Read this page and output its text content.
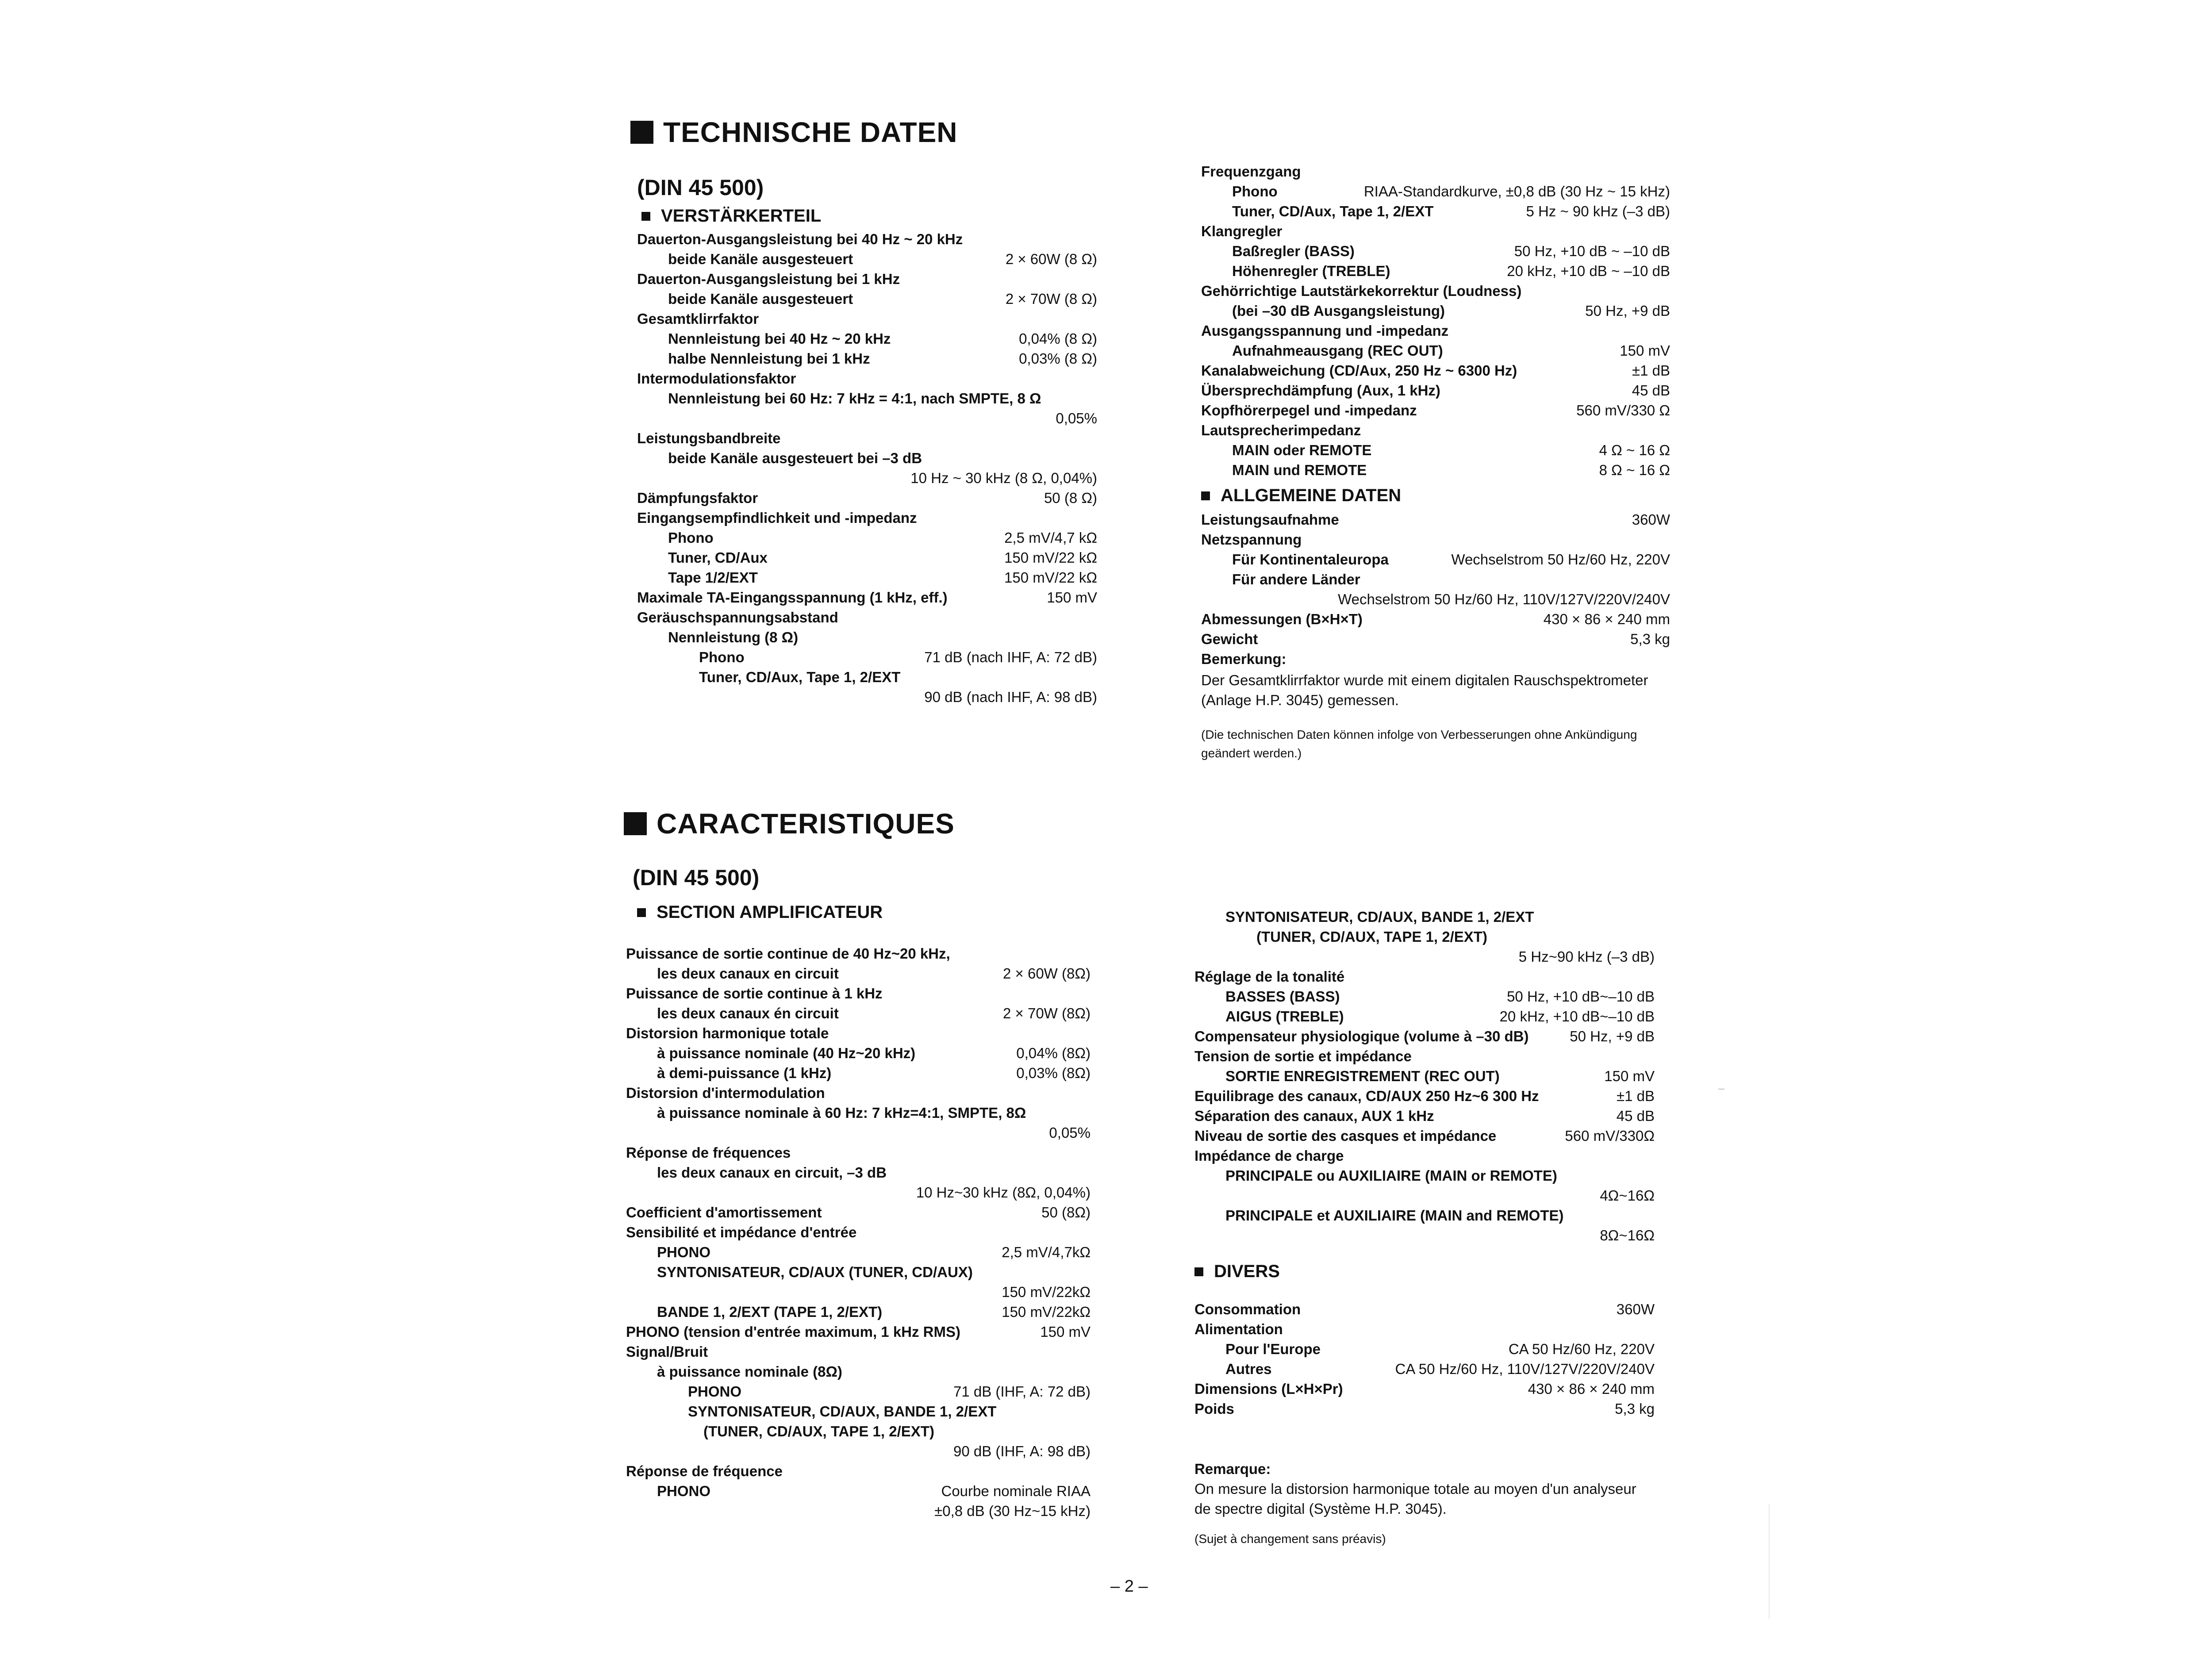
TECHNISCHE DATEN
(DIN 45 500)
VERSTÄRKERTEIL
Dauerton-Ausgangsleistung bei 40 Hz ~ 20 kHz
beide Kanäle ausgesteuert	2 × 60W (8 Ω)
Dauerton-Ausgangsleistung bei 1 kHz
beide Kanäle ausgesteuert	2 × 70W (8 Ω)
Gesamtklirrfaktor
Nennleistung bei 40 Hz ~ 20 kHz	0,04% (8 Ω)
halbe Nennleistung bei 1 kHz	0,03% (8 Ω)
Intermodulationsfaktor
Nennleistung bei 60 Hz: 7 kHz = 4:1, nach SMPTE, 8 Ω
0,05%
Leistungsbandbreite
beide Kanäle ausgesteuert bei –3 dB
10 Hz ~ 30 kHz (8 Ω, 0,04%)
Dämpfungsfaktor	50 (8 Ω)
Eingangsempfindlichkeit und -impedanz
Phono	2,5 mV/4,7 kΩ
Tuner, CD/Aux	150 mV/22 kΩ
Tape 1/2/EXT	150 mV/22 kΩ
Maximale TA-Eingangsspannung (1 kHz, eff.)	150 mV
Geräuschspannungsabstand
Nennleistung (8 Ω)
Phono	71 dB (nach IHF, A: 72 dB)
Tuner, CD/Aux, Tape 1, 2/EXT
90 dB (nach IHF, A: 98 dB)
Frequenzgang
Phono	RIAA-Standardkurve, ±0,8 dB (30 Hz ~ 15 kHz)
Tuner, CD/Aux, Tape 1, 2/EXT	5 Hz ~ 90 kHz (–3 dB)
Klangregler
Baßregler (BASS)	50 Hz, +10 dB ~ –10 dB
Höhenregler (TREBLE)	20 kHz, +10 dB ~ –10 dB
Gehörrichtige Lautstärkekorrektur (Loudness)
(bei –30 dB Ausgangsleistung)	50 Hz, +9 dB
Ausgangsspannung und -impedanz
Aufnahmeausgang (REC OUT)	150 mV
Kanalabweichung (CD/Aux, 250 Hz ~ 6300 Hz)	±1 dB
Übersprechdämpfung (Aux, 1 kHz)	45 dB
Kopfhörerpegel und -impedanz	560 mV/330 Ω
Lautsprecherimpedanz
MAIN oder REMOTE	4 Ω ~ 16 Ω
MAIN und REMOTE	8 Ω ~ 16 Ω
ALLGEMEINE DATEN
Leistungsaufnahme	360W
Netzspannung
Für Kontinentaleuropa	Wechselstrom 50 Hz/60 Hz, 220V
Für andere Länder
Wechselstrom 50 Hz/60 Hz, 110V/127V/220V/240V
Abmessungen (B×H×T)	430 × 86 × 240 mm
Gewicht	5,3 kg
Bemerkung:
Der Gesamtklirrfaktor wurde mit einem digitalen Rauschspektrometer (Anlage H.P. 3045) gemessen.
(Die technischen Daten können infolge von Verbesserungen ohne Ankündigung geändert werden.)
CARACTERISTIQUES
(DIN 45 500)
SECTION AMPLIFICATEUR
Puissance de sortie continue de 40 Hz~20 kHz,
les deux canaux en circuit	2 × 60W (8Ω)
Puissance de sortie continue à 1 kHz
les deux canaux én circuit	2 × 70W (8Ω)
Distorsion harmonique totale
à puissance nominale (40 Hz~20 kHz)	0,04% (8Ω)
à demi-puissance (1 kHz)	0,03% (8Ω)
Distorsion d'intermodulation
à puissance nominale à 60 Hz: 7 kHz=4:1, SMPTE, 8Ω
0,05%
Réponse de fréquences
les deux canaux en circuit, –3 dB
10 Hz~30 kHz (8Ω, 0,04%)
Coefficient d'amortissement	50 (8Ω)
Sensibilité et impédance d'entrée
PHONO	2,5 mV/4,7kΩ
SYNTONISATEUR, CD/AUX (TUNER, CD/AUX)
150 mV/22kΩ
BANDE 1, 2/EXT (TAPE 1, 2/EXT)	150 mV/22kΩ
PHONO (tension d'entrée maximum, 1 kHz RMS)	150 mV
Signal/Bruit
à puissance nominale (8Ω)
PHONO	71 dB (IHF, A: 72 dB)
SYNTONISATEUR, CD/AUX, BANDE 1, 2/EXT
(TUNER, CD/AUX, TAPE 1, 2/EXT)
90 dB (IHF, A: 98 dB)
Réponse de fréquence
PHONO	Courbe nominale RIAA
±0,8 dB (30 Hz~15 kHz)
SYNTONISATEUR, CD/AUX, BANDE 1, 2/EXT
(TUNER, CD/AUX, TAPE 1, 2/EXT)
5 Hz~90 kHz (–3 dB)
Réglage de la tonalité
BASSES (BASS)	50 Hz, +10 dB~–10 dB
AIGUS (TREBLE)	20 kHz, +10 dB~–10 dB
Compensateur physiologique (volume à –30 dB)	50 Hz, +9 dB
Tension de sortie et impédance
SORTIE ENREGISTREMENT (REC OUT)	150 mV
Equilibrage des canaux, CD/AUX 250 Hz~6 300 Hz	±1 dB
Séparation des canaux, AUX 1 kHz	45 dB
Niveau de sortie des casques et impédance	560 mV/330Ω
Impédance de charge
PRINCIPALE ou AUXILIAIRE (MAIN or REMOTE)
4Ω~16Ω
PRINCIPALE et AUXILIAIRE (MAIN and REMOTE)
8Ω~16Ω
DIVERS
Consommation	360W
Alimentation
Pour l'Europe	CA 50 Hz/60 Hz, 220V
Autres	CA 50 Hz/60 Hz, 110V/127V/220V/240V
Dimensions (L×H×Pr)	430 × 86 × 240 mm
Poids	5,3 kg
Remarque:
On mesure la distorsion harmonique totale au moyen d'un analyseur de spectre digital (Système H.P. 3045).
(Sujet à changement sans préavis)
– 2 –
